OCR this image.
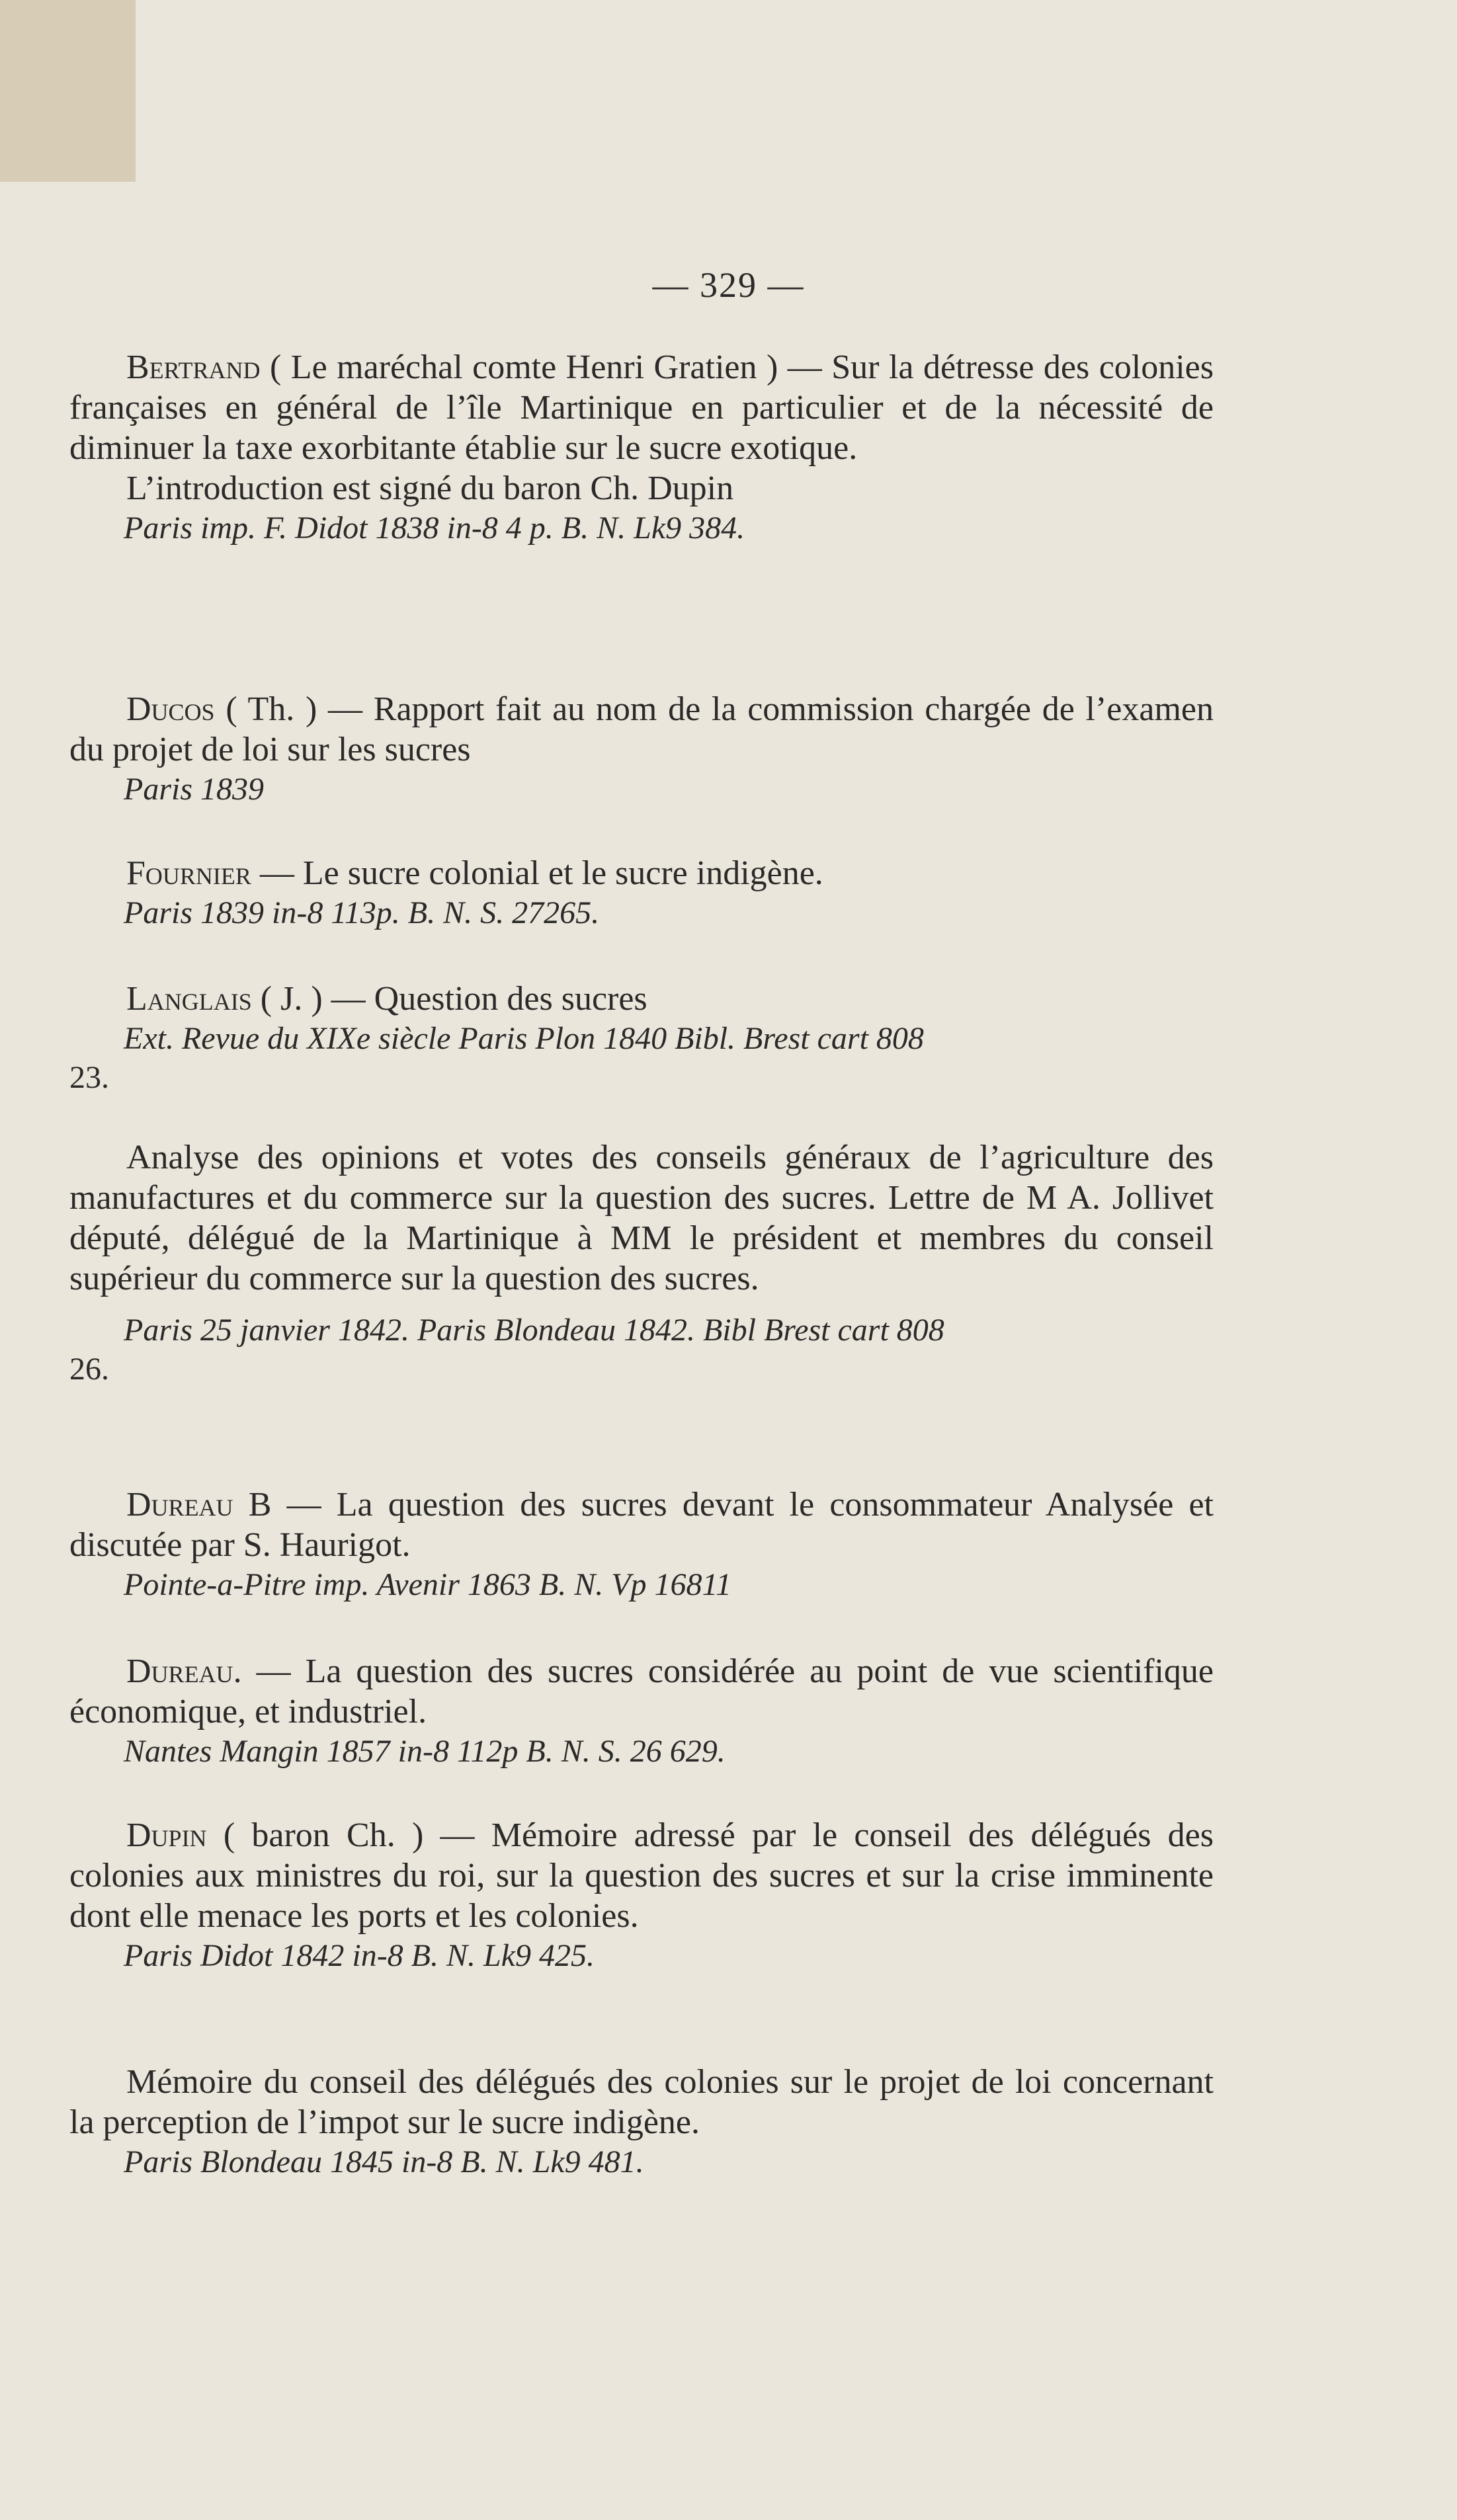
— 329 —
Bertrand ( Le maréchal comte Henri Gratien ) — Sur la détresse des colonies françaises en général de l’île Martinique en particulier et de la nécessité de diminuer la taxe exorbitante établie sur le sucre exotique.
L’introduction est signé du baron Ch. Dupin
Paris imp. F. Didot 1838 in-8 4 p. B. N. Lk9 384.
Ducos ( Th. ) — Rapport fait au nom de la commission chargée de l’examen du projet de loi sur les sucres
Paris 1839
Fournier — Le sucre colonial et le sucre indigène.
Paris 1839 in-8 113p. B. N. S. 27265.
Langlais ( J. ) — Question des sucres
Ext. Revue du XIXe siècle Paris Plon 1840 Bibl. Brest cart 808
23.
Analyse des opinions et votes des conseils généraux de l’agriculture des manufactures et du commerce sur la question des sucres. Lettre de M A. Jollivet député, délégué de la Martinique à MM le président et membres du conseil supérieur du commerce sur la question des sucres.
Paris 25 janvier 1842. Paris Blondeau 1842. Bibl Brest cart 808
26.
Dureau B — La question des sucres devant le consommateur Analysée et discutée par S. Haurigot.
Pointe-a-Pitre imp. Avenir 1863 B. N. Vp 16811
Dureau. — La question des sucres considérée au point de vue scientifique économique, et industriel.
Nantes Mangin 1857 in-8 112p B. N. S. 26 629.
Dupin ( baron Ch. ) — Mémoire adressé par le conseil des délégués des colonies aux ministres du roi, sur la question des sucres et sur la crise imminente dont elle menace les ports et les colonies.
Paris Didot 1842 in-8 B. N. Lk9 425.
Mémoire du conseil des délégués des colonies sur le projet de loi concernant la perception de l’impot sur le sucre indigène.
Paris Blondeau 1845 in-8 B. N. Lk9 481.
